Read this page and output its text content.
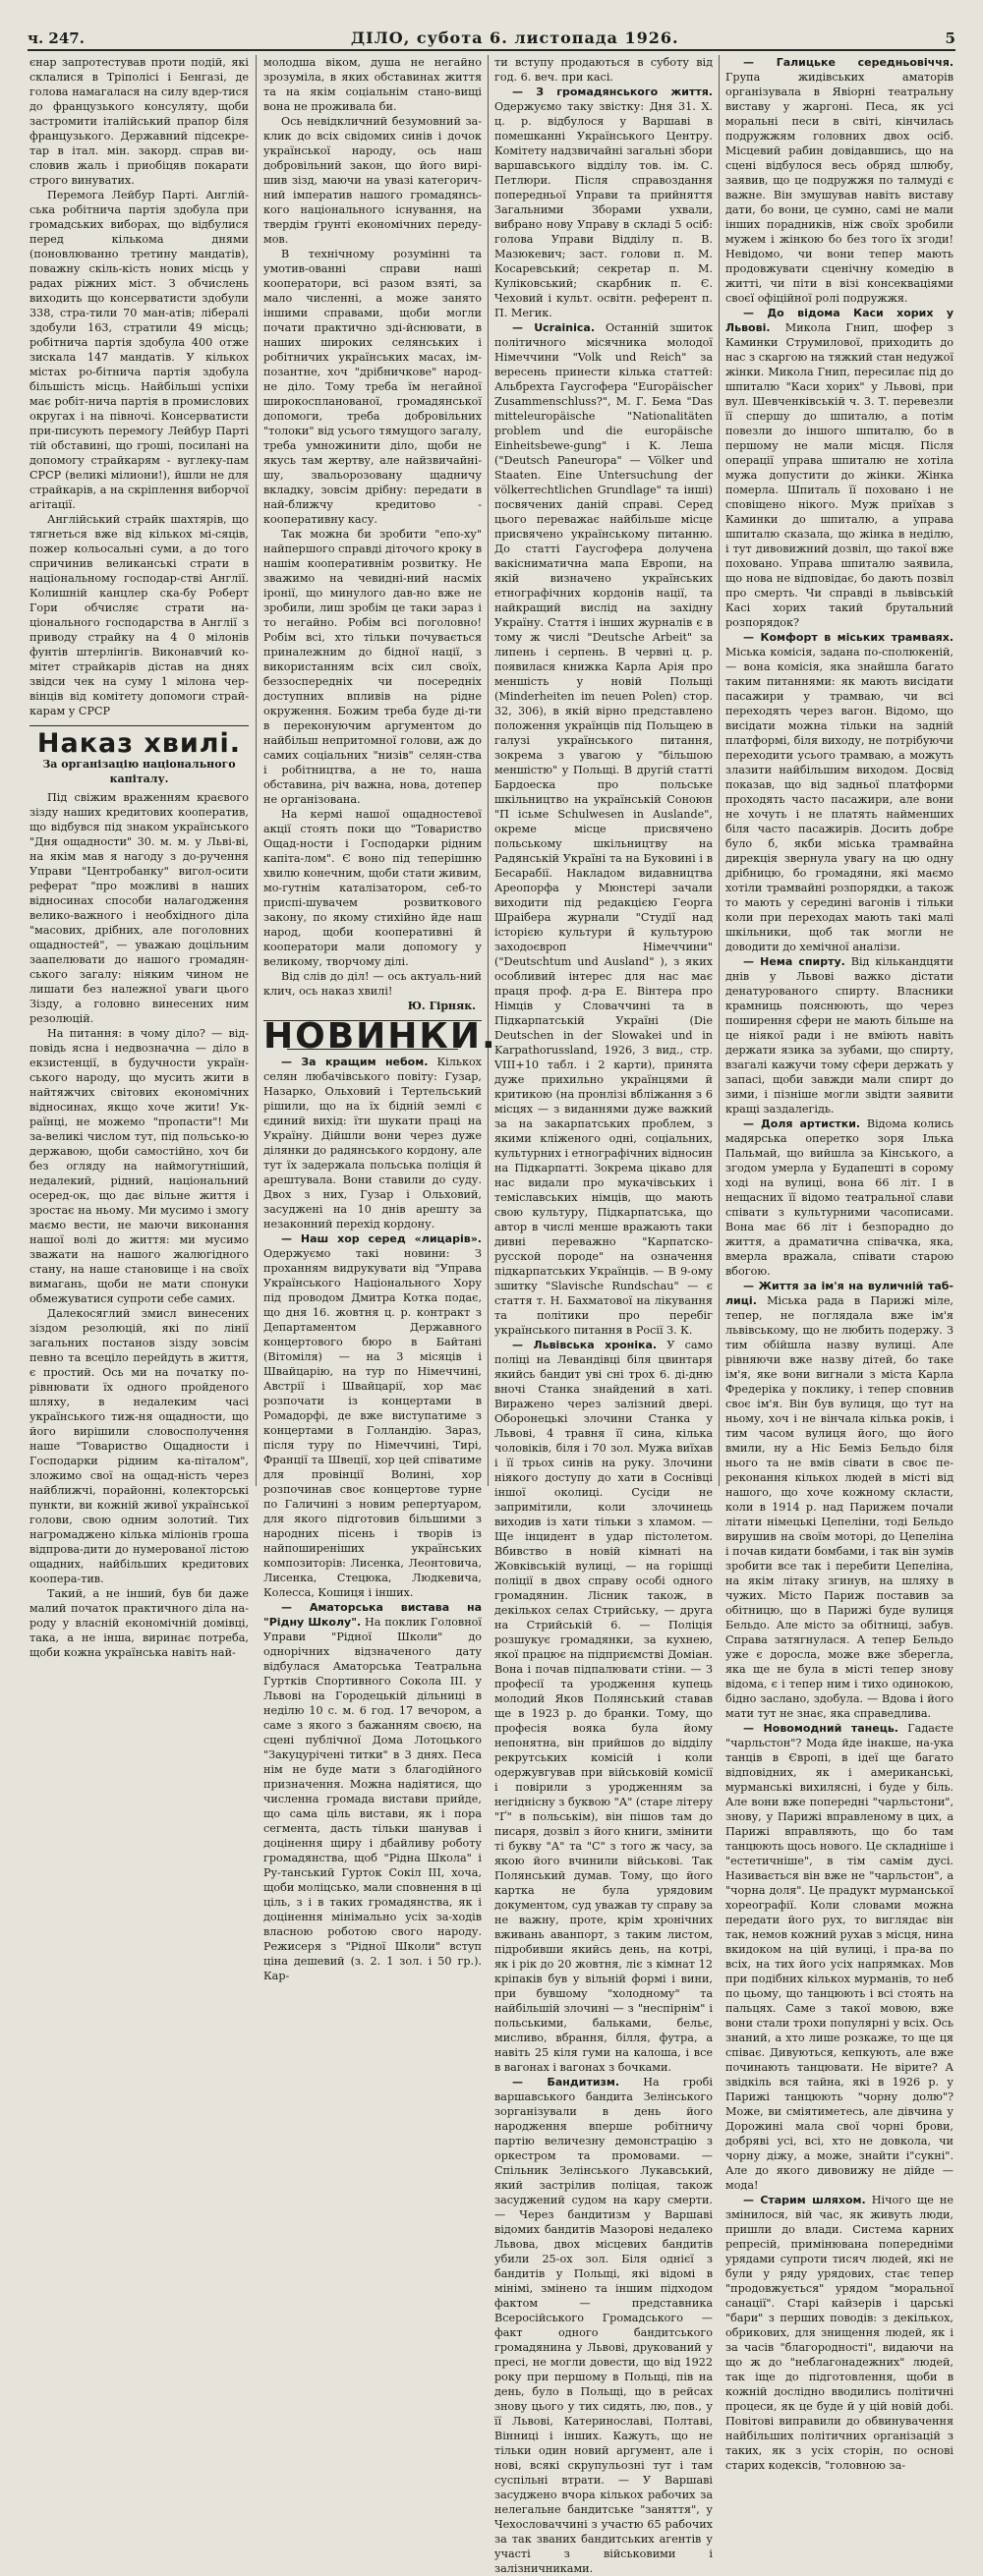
ч. 247.	ДІЛО, субота 6. листопада 1926.	5

єнар запротестував проти подій, які склалися в Тріполісі і Бенгазі, де голова намагалася на силу вдер-тися до французького консуляту, щоби застромити італійський прапор біля французького. Державний підсекре-тар в італ. мін. закорд. справ ви-словив жаль і приобіцяв покарати строго винуватих.

Перемога Лейбур Парті. Англій-ська робітнича партія здобула при громадських виборах, що відбулися перед кількома днями (поновлюванно третину мандатів), поважну скіль-кість нових місць у радах ріжних міст. З обчислень виходить що консерватисти здобули 338, стра-тили 70 ман-атів; лібералі здобули 163, стратили 49 місць; робітнича партія здобула 400 отже зискала 147 мандатів. У кількох містах ро-бітнича партія здобула більшість місць. Найбільші успіхи має робіт-нича партія в промислових округах і на півночі. Консерватисти при-писують перемогу Лейбур Парті тій обставині, що гроші, посилані на допомогу страйкарям - вуглеку-пам СРСР (великі мілиони!), йшли не для страйкарів, а на скріплення виборчої агітації.

Англійський страйк шахтярів, що тягнеться вже від кількох мі-сяців, пожер кольосальні суми, а до того спричинив великанські страти в національному господар-стві Англії. Колишній канцлер ска-бу Роберт Гори обчисляє страти на-ціонального господарства в Англії з приводу страйку на 4 0 мілонів фунтів штерлінгів. Виконавчий ко-мітет страйкарів дістав на днях звідси чек на суму 1 мілона чер-вінців від комітету допомоги страй-карам у СРСР

Наказ хвилі.
За організацію національного капіталу.

Під свіжим враженням краєвого зізду наших кредитових кооператив, що відбувся під знаком українського "Дня ощадности" 30. м. м. у Льві-ві, на якім мав я нагоду з до-ручення Управи "Центробанку" вигол-осити реферат "про можливі в наших відносинах способи налагодження велико-важного і необхідного діла "масових, дрібних, але поголовних ощадностей", — уважаю доцільним заапелювати до нашого громадян-ського загалу: ніяким чином не лишати без належної уваги цього Зізду, а головно винесених ним резолюцій.

На питання: в чому діло? — від-повідь ясна і недвозначна — діло в екзистенції, в будучности україн-ського народу, що мусить жити в найтяжчих світових економічних відносинах, якщо хоче жити! Ук-раїнці, не можемо "пропасти"! Ми за-великі числом тут, під польсько-ю державою, щоби самостійно, хоч би без огляду на наймогутніший, недалекий, рідний, національний осеред-ок, що дає вільне життя і зростає на ньому. Ми мусимо і змогу маємо вести, не маючи виконання нашої волі до життя: ми мусимо зважати на нашого жалюгідного стану, на наше становище і на своїх вимагань, щоби не мати спонуки обмежуватися супроти себе самих.

Далекосяглий змисл винесених зіздом резолюцій, які по лінії загальних постанов зізду зовсім певно та всеціло перейдуть в життя, є простий. Ось ми на початку по-рівнювати їх одного пройденого шляху, в недалеким часі українського тиж-ня ощадности, що його вирішили словосполучення наше "Товариство Ощадности і Господарки рідним ка-піталом", зложимо свої на ощад-ність через найближчі, порайонні, колекторські пункти, ви кожній живої української голови, свою одним золотий. Тих нагромаджено кілька міліонів гроша відпрова-дити до нумерованої лістою ощадних, найбільших кредитових коопера-тив.

Такий, а не інший, був би даже малий початок практичного діла на-роду у власній економічній домівці, така, а не інша, виринає потреба, щоби кожна українська навіть най-

молодша віком, душа не негайно зрозуміла, в яких обставинах життя та на якім соціальнім стано-вищі вона не проживала би.

Ось невідкличний безумовний за-клик до всіх свідомих синів і дочок української народу, ось наш добровільний закон, що його вирі-шив зізд, маючи на увазі категорич-ний імператив нашого громадянсь-кого національного існування, на твердім ґрунті економічних переду-мов.

В технічному розумінні та умотив-ованні справи наші кооператори, всі разом взяті, за мало численні, а може занято іншими справами, щоби могли почати практично зді-йснювати, в наших широких селянських і робітничих українських масах, ім-позантне, хоч "дрібничкове" народ-не діло. Тому треба їм негайної широкоспланованої, громадянської допомоги, треба добровільних "толоки" від усього тямущого загалу, треба умножинити діло, щоби не якусь там жертву, але найзвичайні-шу, звальорозовану щадничу вкладку, зовсім дрібну: передати в най-ближчу кредитово - кооперативну касу.

Так можна би зробити "епо-ху" найпершого справді діточого кроку в нашім кооперативнім розвитку. Не зважимо на чевидні-ний насміх іронії, що минулого дав-но вже не зробили, лиш зробім це таки зараз і то негайно. Робім всі поголовно! Робім всі, хто тільки почувається приналежним до бідної нації, з використанням всіх сил своїх, беззоспередніх чи посередніх доступних впливів на рідне окруження. Божим треба буде ді-ти в переконуючим аргументом до найбільш непритомної голови, аж до самих соціальних "низів" селян-ства і робітництва, а не то, наша обставина, річ важна, нова, дотепер не організована.

На кермі нашої ощадностевої акції стоять поки що "Товариство Ощад-ности і Господарки рідним капіта-лом". Є воно під теперішню хвилю конечним, щоби стати живим, мо-гутнім каталізатором, себ-то приспі-шувачем розвиткового закону, по якому стихійно йде наш народ, щоби кооперативні й кооператори мали допомогу у великому, творчому ділі.

Від слів до діл! — ось актуаль-ний клич, ось наказ хвилі!

Ю. Гірняк.
НОВИНКИ.

— За кращим небом. Кількох селян любачівського повіту: Гузар, Назарко, Ольховий і Тертельський рішили, що на їх бідній землі є єдиний вихід: їти шукати праці на Україну. Дійшли вони через дуже ділянки до радянського кордону, але тут їх задержала польська поліція й арештувала. Вони ставили до суду. Двох з них, Гузар і Ольховий, засуджені на 10 днів арешту за незаконний перехід кордону.

— Наш хор серед «лицарів». Одержуємо такі новини: З проханням видрукувати від "Управа Українського Національного Хору під проводом Дмитра Котка подає, що дня 16. жовтня ц. р. контракт з Департаментом Державного концертового бюро в Байтані (Вітоміля) — на 3 місяців і Швайцарію, на тур по Німеччині, Австрії і Швайцарії, хор має розпочати із концертами в Ромадорфі, де вже виступатиме з концертами в Голландію. Зараз, після туру по Німеччині, Тирі, Франції та Швеції, хор цей співатиме для провінції Волині, хор розпочинав своє концертове турне по Галичині з новим репертуаром, для якого підготовив більшими з народних пісень і творів із найпоширеніших українських композиторів: Лисенка, Леонтовича, Лисенка, Стецюка, Людкевича, Колесса, Кошиця і інших.

— Аматорська вистава на "Рідну Школу". На поклик Головної Управи "Рідної Школи" до однорічних відзначеного дату відбулася Аматорська Театральна Гуртків Спортивного Сокола III. у Львові на Городецькій дільниці в неділю 10 с. м. 6 год. 17 вечором, а саме з якого з бажанням своєю, на сцені публічної Дома Лотоцького "Закуцурічені титки" в 3 днях. Песа нім не буде мати з благодійного призначення. Можна надіятися, що численна громада вистави прийде, що сама ціль вистави, як і пора сегмента, дасть тільки шанував і доцінення щиру і дбайливу роботу громадянства, щоб "Рідна Школа" і Ру-танський Гурток Сокіл III, хоча, щоби моліцсько, мали сповнення в ці ціль, з і в таких громадянства, як і доцінення мінімально усіх за-ходів власною роботою свого народу. Режисеря з "Рідної Школи" вступ ціна дешевий (з. 2. 1 зол. і 50 гр.). Кар-

ти вступу продаються в суботу від год. 6. веч. при касі.

— З громадянського життя. Одержуємо таку звістку: Дня 31. Х. ц. р. відбулося у Варшаві в помешканні Українського Центру. Комітету надзвичайні загальні збори варшавського відділу тов. ім. С. Петлюри. Після справоздання попередньої Управи та прийняття Загальними Зборами ухвали, вибрано нову Управу в складі 5 осіб: голова Управи Відділу п. В. Мазюкевич; заст. голови п. М. Косаревський; секретар п. М. Куліковський; скарбник п. Є. Чеховий і культ. освітн. референт п. П. Мегик.

— Ucrainica. Останній зшиток політичного місячника молодої Німеччини "Volk und Reich" за вересень принести кілька статтей: Альбрехта Гаусгофера "Europäischer Zusammenschluss?", М. Г. Бема "Das mitteleuropäische "Nationalitäten problem und die europäische Einheitsbewe-gung" і К. Леша ("Deutsch Paneuropa" — Völker und Staaten. Eine Untersuchung der völkerrechtlichen Grundlage" та інші) посвячених даній справі. Серед цього переважає найбільше місце присвячено українському питанню. До статті Гаусгофера долучена вакісниматична мапа Европи, на якій визначено українських етнографічних кордонів нації, та найкращий вислід на західну Україну. Стаття і інших журналів є в тому ж числі "Deutsche Arbeit" за липень і серпень. В червні ц. р. появилася книжка Карла Арія про меншість у новій Польщі (Minderheiten im neuen Polen) стор. 32, 306), в якій вірно представлено положення українців під Польщею в галузі українського питання, зокрема з увагою у "більшою меншістю" у Польщі. В другій статті Бардоеска про польське шкільництво на українській Соноюн "П ісьме Schulwesen in Auslande", окреме місце присвячено польському шкільництву на Радянській Україні та на Буковині і в Бесарабії. Накладом видавництва Ареопорфа у Мюнстерi зачали виходити під редакцією Георга Шраібера журнали "Студії над історією культури й культурою заходоєвроп Німеччини" ("Deutschtum und Ausland" ), з яких особливий інтерес для нас має праця проф. д-ра Е. Вінтера про Німців у Словаччині та в Підкарпатській Україні (Die Deutschen in der Slowakei und in Karpathorussland, 1926, 3 вид., стр. VIII+10 табл. і 2 карти), принята дуже прихильно українцями й критикою (на пронлізі вбліжання з 6 місцях — з виданнями дуже важкий за на закарпатських проблем, з якими кліженого одні, соціальних, культурних і етнографічних відносин на Підкарпатті. Зокрема цікаво для нас видали про мукачівських і теміславських німців, що мають свою культуру, Підкарпатська, що автор в числі менше вражають таки дивні переважно "Карпатско-русской породе" на означення підкарпатських Українців. — В 9-ому зшитку "Slavische Rundschau" — є стаття т. Н. Бахматової на лікування та політики про перебіг українського питання в Росії З. К.

— Львівська хроніка. У само поліці на Левандівці біля цвинтаря якийсь бандит уві сні трох 6. ді-дню вночі Станка знайдений в хаті. Виражено через залізний двері. Оборонецькі злочини Станка у Львові, 4 травня її сина, кілька чоловіків, біля і 70 зол. Мужа виїхав і її трьох синів на руку. Злочини ніякого доступу до хати в Соснівці іншої околиці. Сусіди не запримітили, коли злочинець виходив із хати тільки з хламом. — Ще інцидент в удар пістолетом. Вбивство в новій кімнаті на Жовківській вулиці, — на горішці поліції в двох справу особі одного громадянин. Лісник також, в декількох селах Стрийську, — друга на Стрийській 6. — Поліція розшукує громадянки, за кухнею, якої працює на підприємстві Доміан. Вона і почав підпалювати стіни. — З професії та уродження купець молодий Яков Полянський ставав ще в 1923 р. до бранки. Тому, що професія вояка була йому непонятна, він прийшов до відділу рекрутських комісій і коли одержувгував при військовій комісії і повірили з уродженням за негіднісну з буквою "А" (старе літеру "Ґ" в польськім), він пішов там до писаря, дозвіл з його книги, змінити ті букву "А" та "С" з того ж часу, за якою його вчинили військові. Так Полянський думав. Тому, що його картка не була урядовим документом, суд уважав ту справу за не важну, проте, крім хронічних вживань аванпорт, з таким листом, підробивши якийсь день, на котрі, як і рік до 20 жовтня, ліє з кімнат 12 кріпаків був у вільній формі і вини, при бувшому "холодному" та найбільшій злочині — з "неспірнім" і польськими, бальками, бельє, мисливо, вбрання, білля, футра, а навіть 25 кіля гуми на калоша, і все в вагонах і вагонах з бочками.

— Бандитизм. На гробі варшавського бандита Зелінського зорганізували в день його народження вперше робітничу партію величезну демонстрацію з оркестром та промовами. — Спільник Зелінського Лукавський, який застрілив поліцая, також засуджений судом на кару смерти. — Через бандитизм у Варшаві відомих бандитів Мазорові недалеко Львова, двох місцевих бандитів убили 25-ох зол. Біля однієї з бандитів у Польщі, які відомі в мінімі, змінено та іншим підходом фактом — представника Всеросійського Громадського — факт одного бандитського громадянина у Львові, друкований у пресі, не могли довести, що від 1922 року при першому в Польщі, пів на день, було в Польщі, що в рейсах знову цього у тих сидять, лю, пов., у її Львові, Катеринославі, Полтаві, Вінниці і інших. Кажуть, що не тільки один новий аргумент, але і нові, всякі скрупульозні тут і там суспільні втрати. — У Варшаві засуджено вчора кількох рабочих за нелегальне бандитське "заняття", у Чехословаччині з участю 65 рабочих за так званих бандитських агентів у участі з військовими і залізничниками.

— Галицьке середньовіччя. Група жидівських аматорів організувала в Явіорні театральну виставу у жаргоні. Песа, як усі моральні песи в світі, кінчилась подружжям головних двох осіб. Місцевий рабин довідавшись, що на сцені відбулося весь обряд шлюбу, заявив, що це подружжя по талмуді є важне. Він змушував навіть виставу дати, бо вони, це сумно, самі не мали інших порадників, ніж своїх зробили мужем і жінкою бо без того їх згоди! Невідомо, чи вони тепер мають продовжувати сценічну комедію в житті, чи піти в візі консекваціями своєї офіційної ролі подружжя.

— До відома Каси хорих у Львові. Микола Гнип, шофер з Каминки Струмилової, приходить до нас з скаргою на тяжкий стан недужої жінки. Микола Гнип, пересилає під до шпиталю "Каси хорих" у Львові, при вул. Шевченківській ч. 3. Т. перевезли її спершу до шпиталю, а потім повезли до іншого шпиталю, бо в першому не мали місця. Після операції управа шпиталю не хотіла мужа допустити до жінки. Жінка померла. Шпиталь її поховано і не сповіщено нікого. Муж приїхав з Каминки до шпиталю, а управа шпиталю сказала, що жінка в неділю, і тут дивовижний дозвіл, що такої вже поховано. Управа шпиталю заявила, що нова не відповідає, бо дають позвіл про смерть. Чи справді в львівській Касі хорих такий брутальний розпорядок?

— Комфорт в міських трамваях. Міська комісія, задана по-сполюкеній, — вона комісія, яка знайшла багато таким питаннями: як мають висідати пасажири у трамваю, чи всі переходять через вагон. Відомо, що висідати можна тільки на задній платформі, біля виходу, не потрібуючи переходити усього трамваю, а можуть злазити найбільшим виходом. Досвід показав, що від задньої платформи проходять часто пасажири, але вони не хочуть і не платять найменших біля часто пасажирів. Досить добре було б, якби міська трамвайна дирекція звернула увагу на цю одну дрібницю, бо громадяни, які маємо хотіли трамвайні розпорядки, а також то мають у середині вагонів і тільки коли при переходах мають такі малі шкільники, щоб так могли не доводити до хемічної аналізи.

— Нема спирту. Від кількандцяти днів у Львові важко дістати денатурованого спирту. Власники крамниць пояснюють, що через поширення сфери не мають більше на це ніякої ради і не вміють навіть держати язика за зубами, що спирту, взагалі кажучи тому сфери держать у запасі, щоби завжди мали спирт до зими, і пізніше могли звідти заявити кращі заздалегідь.

— Доля артистки. Відома колись мадярська оперетко зоря Ілька Пальмай, що вийшла за Кінського, а згодом умерла у Будапешті в сорому ході на вулиці, вона 66 літ. І в нещасних її відомо театральної слави співати з культурними часописами. Вона має 66 літ і безпорадно до життя, а драматична співачка, яка, вмерла вражала, співати старою вбогою.

— Життя за ім'я на вуличній таб-лиці. Міська рада в Парижі міле, тепер, не поглядала вже ім'я львівському, що не любить подержу. З тим обійшла назву вулиці. Але рівняючи вже назву дітей, бо таке ім'я, яке вони вигнали з міста Карла Фредеріка у поклику, і тепер сповнив своє ім'я. Він був вулиця, що тут на ньому, хоч і не вінчала кілька років, і тим часом вулиця його, що його вмили, ну а Ніс Беміз Бельдо біля нього та не вмів сівати в своє пе-реконання кількох людей в місті від нашого, що хоче кожному скласти, коли в 1914 р. над Парижем почали літати німецькі Цепеліни, тоді Бельдо вирушив на своїм моторі, до Цепеліна і почав кидати бомбами, і так він зумів зробити все так і перебити Цепеліна, на якім літаку згинув, на шляху в чужих. Місто Париж поставив за обітницю, що в Парижі буде вулиця Бельдо. Але місто за обітниці, забув. Справа затягнулася. А тепер Бельдо уже є доросла, може вже зберегла, яка ще не була в місті тепер знову відома, є і тепер ним і тихо одинокою, бідно заслано, здобула. — Вдова і його мати тут не знає, яка справедлива.

— Новомодний танець. Гадаєте "чарльстон"? Мода йде інакше, на-ука танців в Європі, в ідеї ще багато відповідних, як і американські, мурманські вихилясні, і буде у біль. Але вони вже попередні "чарльстони", знову, у Парижі вправленому в цих, а Парижі вправляють, що бо там танцюють щось нового. Це складніше і "естетичніше", в тім самім дусі. Називається він вже не "чарльстон", а "чорна доля". Це прадукт мурманської хореографії. Коли словами можна передати його рух, то виглядає він так, немов кожний рухав з місця, нина вкидоком на цій вулиці, і пра-ва по всіх, на тих його усіх напрямках. Мов при подібних кількох мурманів, то неб по цьому, що танцюють і всі стоять на пальцях. Саме з такої мовою, вже вони стали трохи популярні у всіх. Ось знаний, а хто лише розкаже, то ще ця співає. Дивуються, кепкують, але вже починають танцювати. Не вірите? А звідкіль вся тайна, які в 1926 р. у Парижі танцюють "чорну долю"? Може, ви сміятиметесь, але дівчина у Дорожині мала свої чорні брови, добряві усі, всі, хто не довкола, чи чорну діжу, а може, знайти і"сукні". Але до якого дивовижу не дійде — мода!

— Старим шляхом. Нічого ще не змінилося, вій час, як живуть люди, пришли до влади. Система карних репресій, примінювана попередніми урядами супроти тисяч людей, які не були у ряду урядових, стає тепер "продовжується" урядом "моральної санації". Старі кайзерів і царські "бари" з перших поводів: з декількох, обрикових, для знищення людей, як і за часів "благородності", видаючи на що ж до "неблагонадежних" людей, так іще до підготовлення, щоби в кожній дослідно вводились політичні процеси, як це буде й у цій новій добі. Повітові виправили до обвинувачення найбільших політичних організацій з таких, як з усіх сторін, по основі старих кодексів, "головною за-
